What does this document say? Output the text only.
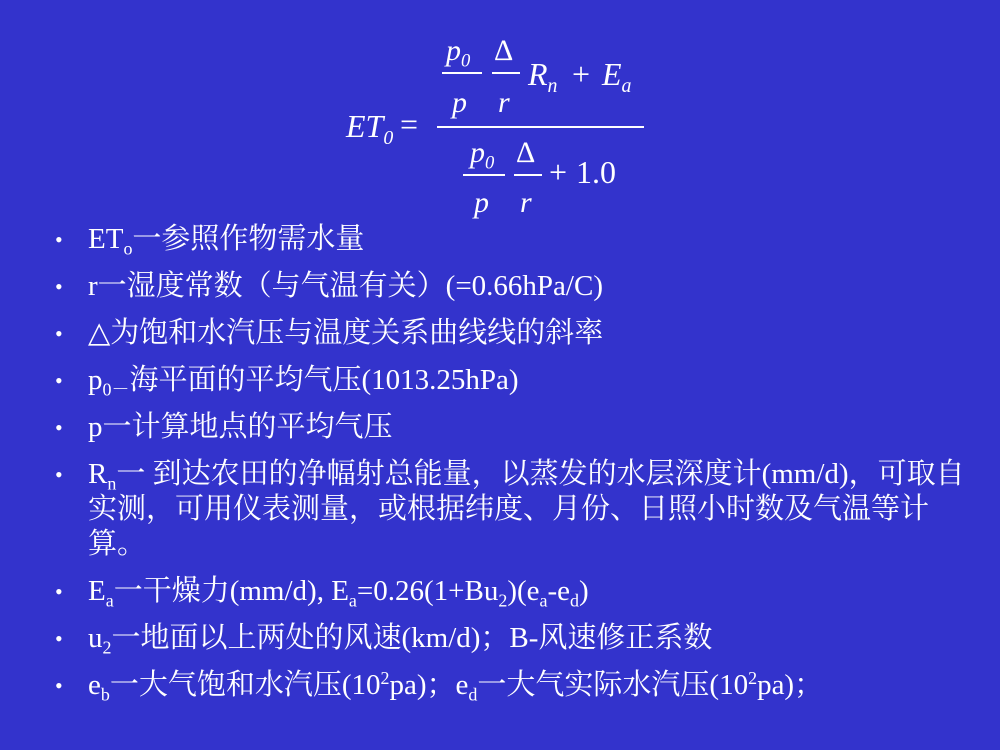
$ET_0$ =
$p_0$
p
Δ
r
$R_n + E_a$
$p_0$
p
Δ
r
+ 1.0
• $ET_o$一参照作物需水量
• r一湿度常数（与气温有关）(=0.66hPa/C)
• △为饱和水汽压与温度关系曲线线的斜率
• $p_{0-}$海平面的平均气压(1013.25hPa)
• p一计算地点的平均气压
• $R_n$一 到达农田的净幅射总能量，以蒸发的水层深度计(mm/d)，可取自实测，可用仪表测量，或根据纬度、月份、日照小时数及气温等计算。
• $E_a$一干燥力(mm/d), $E_a=0.26(1+Bu_2)(e_a-e_d)$
• $u_2$一地面以上两处的风速(km/d)；B-风速修正系数
• $e_b$一大气饱和水汽压$(10^2pa)$；$e_d$一大气实际水汽压$(10^2pa)$；
